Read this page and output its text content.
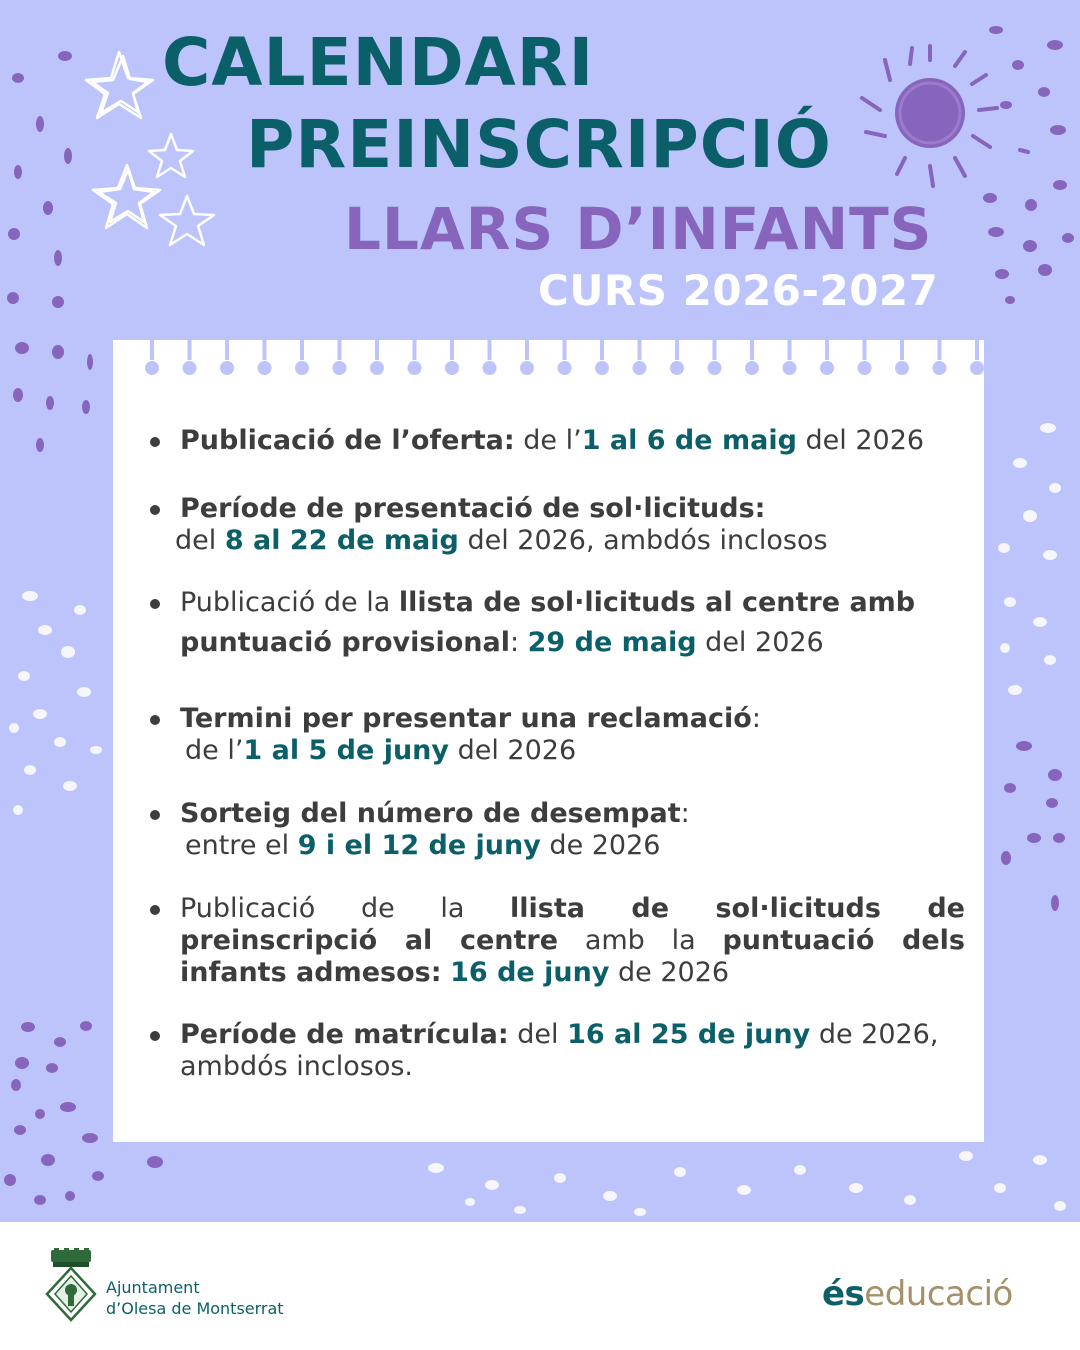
CALENDARI
PREINSCRIPCIÓ
LLARS D’INFANTS
CURS 2026-2027
Publicació de l’oferta: de l’1 al 6 de maig del 2026
Període de presentació de sol·licituds:
del 8 al 22 de maig del 2026, ambdós inclosos
Publicació de la llista de sol·licituds al centre amb
puntuació provisional: 29 de maig del 2026
Termini per presentar una reclamació:
de l’1 al 5 de juny del 2026
Sorteig del número de desempat:
entre el 9 i el 12 de juny de 2026
Publicació de la llista de sol·licituds de
preinscripció al centre amb la puntuació dels
infants admesos: 16 de juny de 2026
Període de matrícula: del 16 al 25 de juny de 2026,
ambdós inclosos.
Ajuntament
d’Olesa de Montserrat	éseducació
